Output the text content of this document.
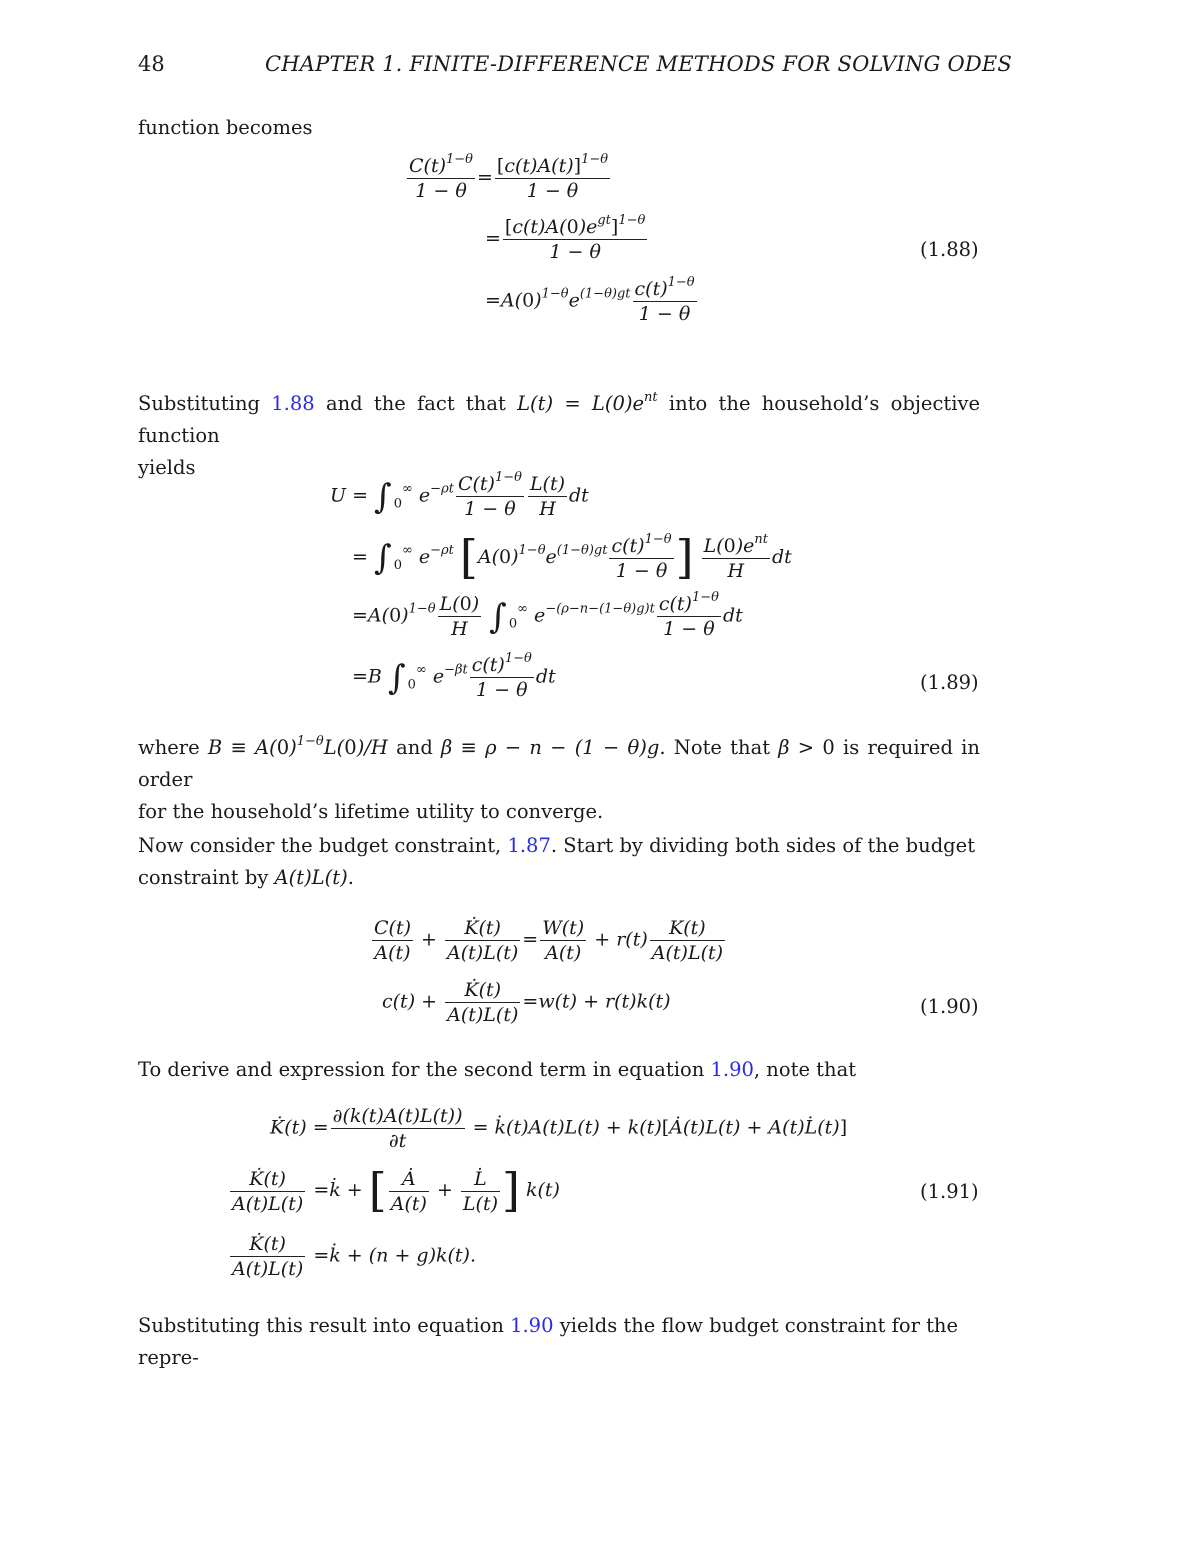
48	CHAPTER 1. FINITE-DIFFERENCE METHODS FOR SOLVING ODES
function becomes
$\frac{C(t)^{1-\theta}}{1 - \theta} = \frac{[c(t)A(t)]^{1-\theta}}{1 - \theta}$
= $\frac{[c(t)A(0)e^{gt}]^{1-\theta}}{1 - \theta}$
$=A(0)^{1-\theta}e^{(1-\theta)gt} \frac{c(t)^{1-\theta}}{1 - \theta}$
(1.88)
Substituting 1.88 and the fact that $L(t) = L(0)e^{nt}$ into the household’s objective function
yields
U = ∫ $_0$∞ $e^{-\rho t} \frac{C(t)^{1-\theta}}{1 - \theta} \frac{L(t)}{H}$ dt
= ∫ $_0$∞ $e^{-\rho t}$ [$A(0)^{1-\theta}e^{(1-\theta)gt} \frac{c(t)^{1-\theta}}{1 - \theta}$ ] $\frac{L(0)e^{nt}}{H}$ dt
$=A(0)^{1-\theta} \frac{L(0)}{H}$ ∫ $_0$∞ $e^{-(\rho-n-(1-\theta)g)t} \frac{c(t)^{1-\theta}}{1 - \theta}$ dt
=B ∫ $_0$∞ $e^{-\beta t} \frac{c(t)^{1-\theta}}{1 - \theta}$ dt	(1.89)
where $B \equiv A(0)^{1-\theta}L(0)/H$ and β ≡ ρ − n − (1 − θ)g. Note that β > 0 is required in order
for the household’s lifetime utility to converge.
Now consider the budget constraint, 1.87. Start by dividing both sides of the budget
constraint by A(t)L(t).
$\frac{C(t)}{A(t)} + \frac{K̇(t)}{A(t)L(t)} = \frac{W(t)}{A(t)} + r(t) \frac{K(t)}{A(t)L(t)}$
$c(t) + \frac{K̇(t)}{A(t)L(t)} =w(t) + r(t)k(t)$	(1.90)
To derive and expression for the second term in equation 1.90, note that
K̇(t) = $\frac{\partial(k(t)A(t)L(t))}{\partial t}$ = k̇(t)A(t)L(t) + k(t)[Ȧ(t)L(t) + A(t)L̇(t)]
$\frac{K̇(t)}{A(t)L(t)}$ =k̇ + [ $\frac{Ȧ}{A(t)} + \frac{L̇}{L(t)}$ ] k(t)
$\frac{K̇(t)}{A(t)L(t)}$ =k̇ + (n + g)k(t).
(1.91)
Substituting this result into equation 1.90 yields the flow budget constraint for the repre-
